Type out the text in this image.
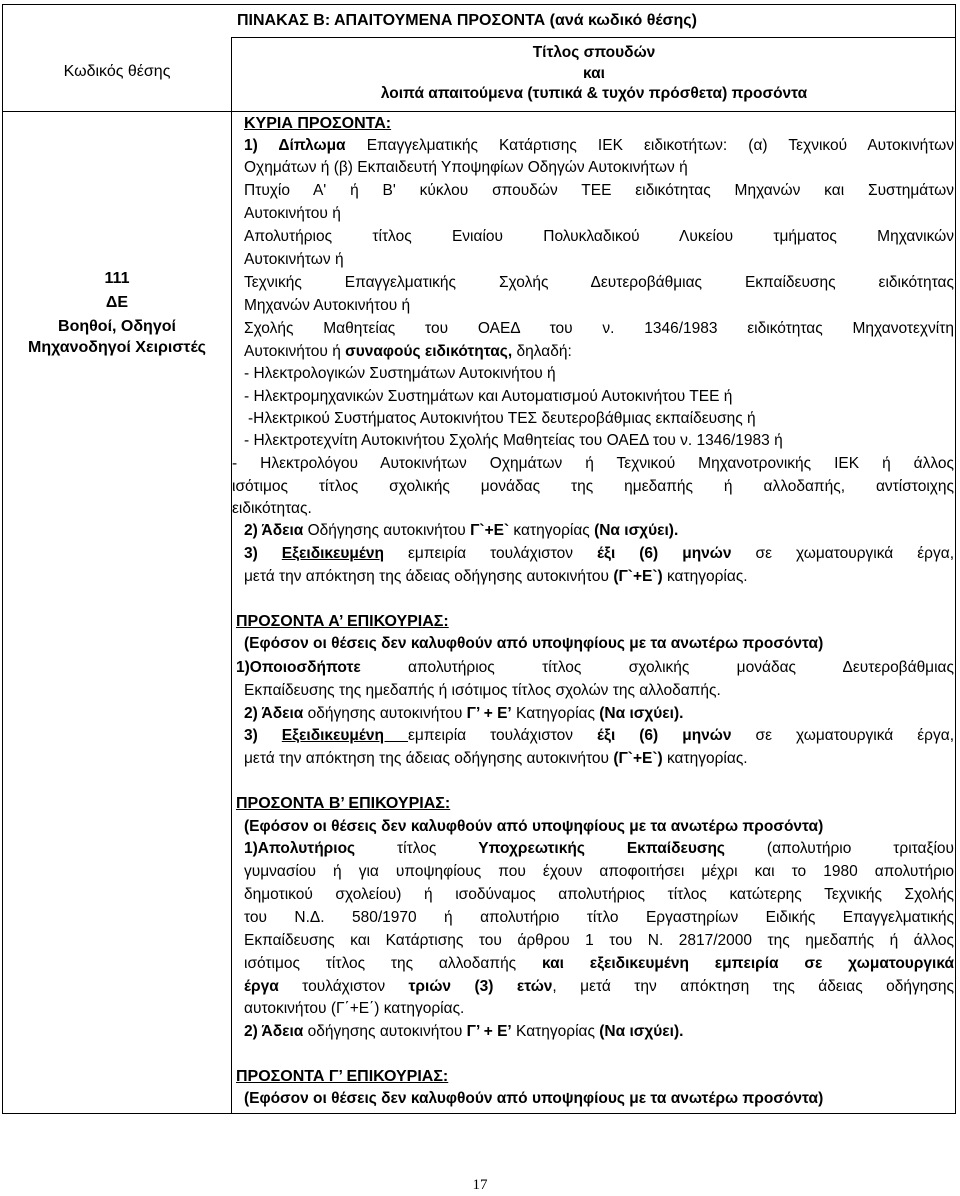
ΠΙΝΑΚΑΣ Β: ΑΠΑΙΤΟΥΜΕΝΑ ΠΡΟΣΟΝΤΑ (ανά κωδικό θέσης)
Κωδικός θέσης
Τίτλος σπουδών
και
λοιπά απαιτούμενα (τυπικά & τυχόν πρόσθετα) προσόντα
111
ΔΕ
Βοηθοί, Οδηγοί
Μηχανοδηγοί Χειριστές
ΚΥΡΙΑ ΠΡΟΣΟΝΤΑ:
1) Δίπλωμα Επαγγελματικής Κατάρτισης ΙΕΚ ειδικοτήτων: (α) Τεχνικού Αυτοκινήτων
Οχημάτων ή (β) Εκπαιδευτή Υποψηφίων Οδηγών Αυτοκινήτων ή
Πτυχίο Α' ή Β' κύκλου σπουδών ΤΕΕ ειδικότητας Μηχανών και Συστημάτων
Αυτοκινήτου ή
Απολυτήριος τίτλος Ενιαίου Πολυκλαδικού Λυκείου τμήματος Μηχανικών
Αυτοκινήτων ή
Τεχνικής Επαγγελματικής Σχολής Δευτεροβάθμιας Εκπαίδευσης ειδικότητας
Μηχανών Αυτοκινήτου ή
Σχολής Μαθητείας του ΟΑΕΔ του ν. 1346/1983 ειδικότητας Μηχανοτεχνίτη
Αυτοκινήτου ή συναφούς ειδικότητας, δηλαδή:
- Ηλεκτρολογικών Συστημάτων Αυτοκινήτου ή
- Ηλεκτρομηχανικών Συστημάτων και Αυτοματισμού Αυτοκινήτου ΤΕΕ ή
-Ηλεκτρικού Συστήματος Αυτοκινήτου ΤΕΣ δευτεροβάθμιας εκπαίδευσης ή
- Ηλεκτροτεχνίτη Αυτοκινήτου Σχολής Μαθητείας του ΟΑΕΔ του ν. 1346/1983 ή
- Ηλεκτρολόγου Αυτοκινήτων Οχημάτων ή Τεχνικού Μηχανοτρονικής ΙΕΚ ή άλλος
ισότιμος τίτλος σχολικής μονάδας της ημεδαπής ή αλλοδαπής, αντίστοιχης
ειδικότητας.
2) Άδεια Οδήγησης αυτοκινήτου Γ`+Ε` κατηγορίας (Να ισχύει).
3) Εξειδικευμένη εμπειρία τουλάχιστον έξι (6) μηνών σε χωματουργικά έργα,
μετά την απόκτηση της άδειας οδήγησης αυτοκινήτου (Γ`+Ε`) κατηγορίας.
ΠΡΟΣΟΝΤΑ Α’ ΕΠΙΚΟΥΡΙΑΣ:
(Εφόσον οι θέσεις δεν καλυφθούν από υποψηφίους με τα ανωτέρω προσόντα)
1)Οποιοσδήποτε απολυτήριος τίτλος σχολικής μονάδας Δευτεροβάθμιας
Εκπαίδευσης της ημεδαπής ή ισότιμος τίτλος σχολών της αλλοδαπής.
2) Άδεια οδήγησης αυτοκινήτου Γ’ + Ε’ Κατηγορίας (Να ισχύει).
3) Εξειδικευμένη εμπειρία τουλάχιστον έξι (6) μηνών σε χωματουργικά έργα,
μετά την απόκτηση της άδειας οδήγησης αυτοκινήτου (Γ`+Ε`) κατηγορίας.
ΠΡΟΣΟΝΤΑ Β’ ΕΠΙΚΟΥΡΙΑΣ:
(Εφόσον οι θέσεις δεν καλυφθούν από υποψηφίους με τα ανωτέρω προσόντα)
1)Απολυτήριος τίτλος Υποχρεωτικής Εκπαίδευσης (απολυτήριο τριταξίου
γυμνασίου ή για υποψηφίους που έχουν αποφοιτήσει μέχρι και το 1980 απολυτήριο
δημοτικού σχολείου) ή ισοδύναμος απολυτήριος τίτλος κατώτερης Τεχνικής Σχολής
του Ν.Δ. 580/1970 ή απολυτήριο τίτλο Εργαστηρίων Ειδικής Επαγγελματικής
Εκπαίδευσης και Κατάρτισης του άρθρου 1 του Ν. 2817/2000 της ημεδαπής ή άλλος
ισότιμος τίτλος της αλλοδαπής και εξειδικευμένη εμπειρία σε χωματουργικά
έργα τουλάχιστον τριών (3) ετών, μετά την απόκτηση της άδειας οδήγησης
αυτοκινήτου (Γ΄+Ε΄) κατηγορίας.
2) Άδεια οδήγησης αυτοκινήτου Γ’ + Ε’ Κατηγορίας (Να ισχύει).
ΠΡΟΣΟΝΤΑ Γ’ ΕΠΙΚΟΥΡΙΑΣ:
(Εφόσον οι θέσεις δεν καλυφθούν από υποψηφίους με τα ανωτέρω προσόντα)
17
